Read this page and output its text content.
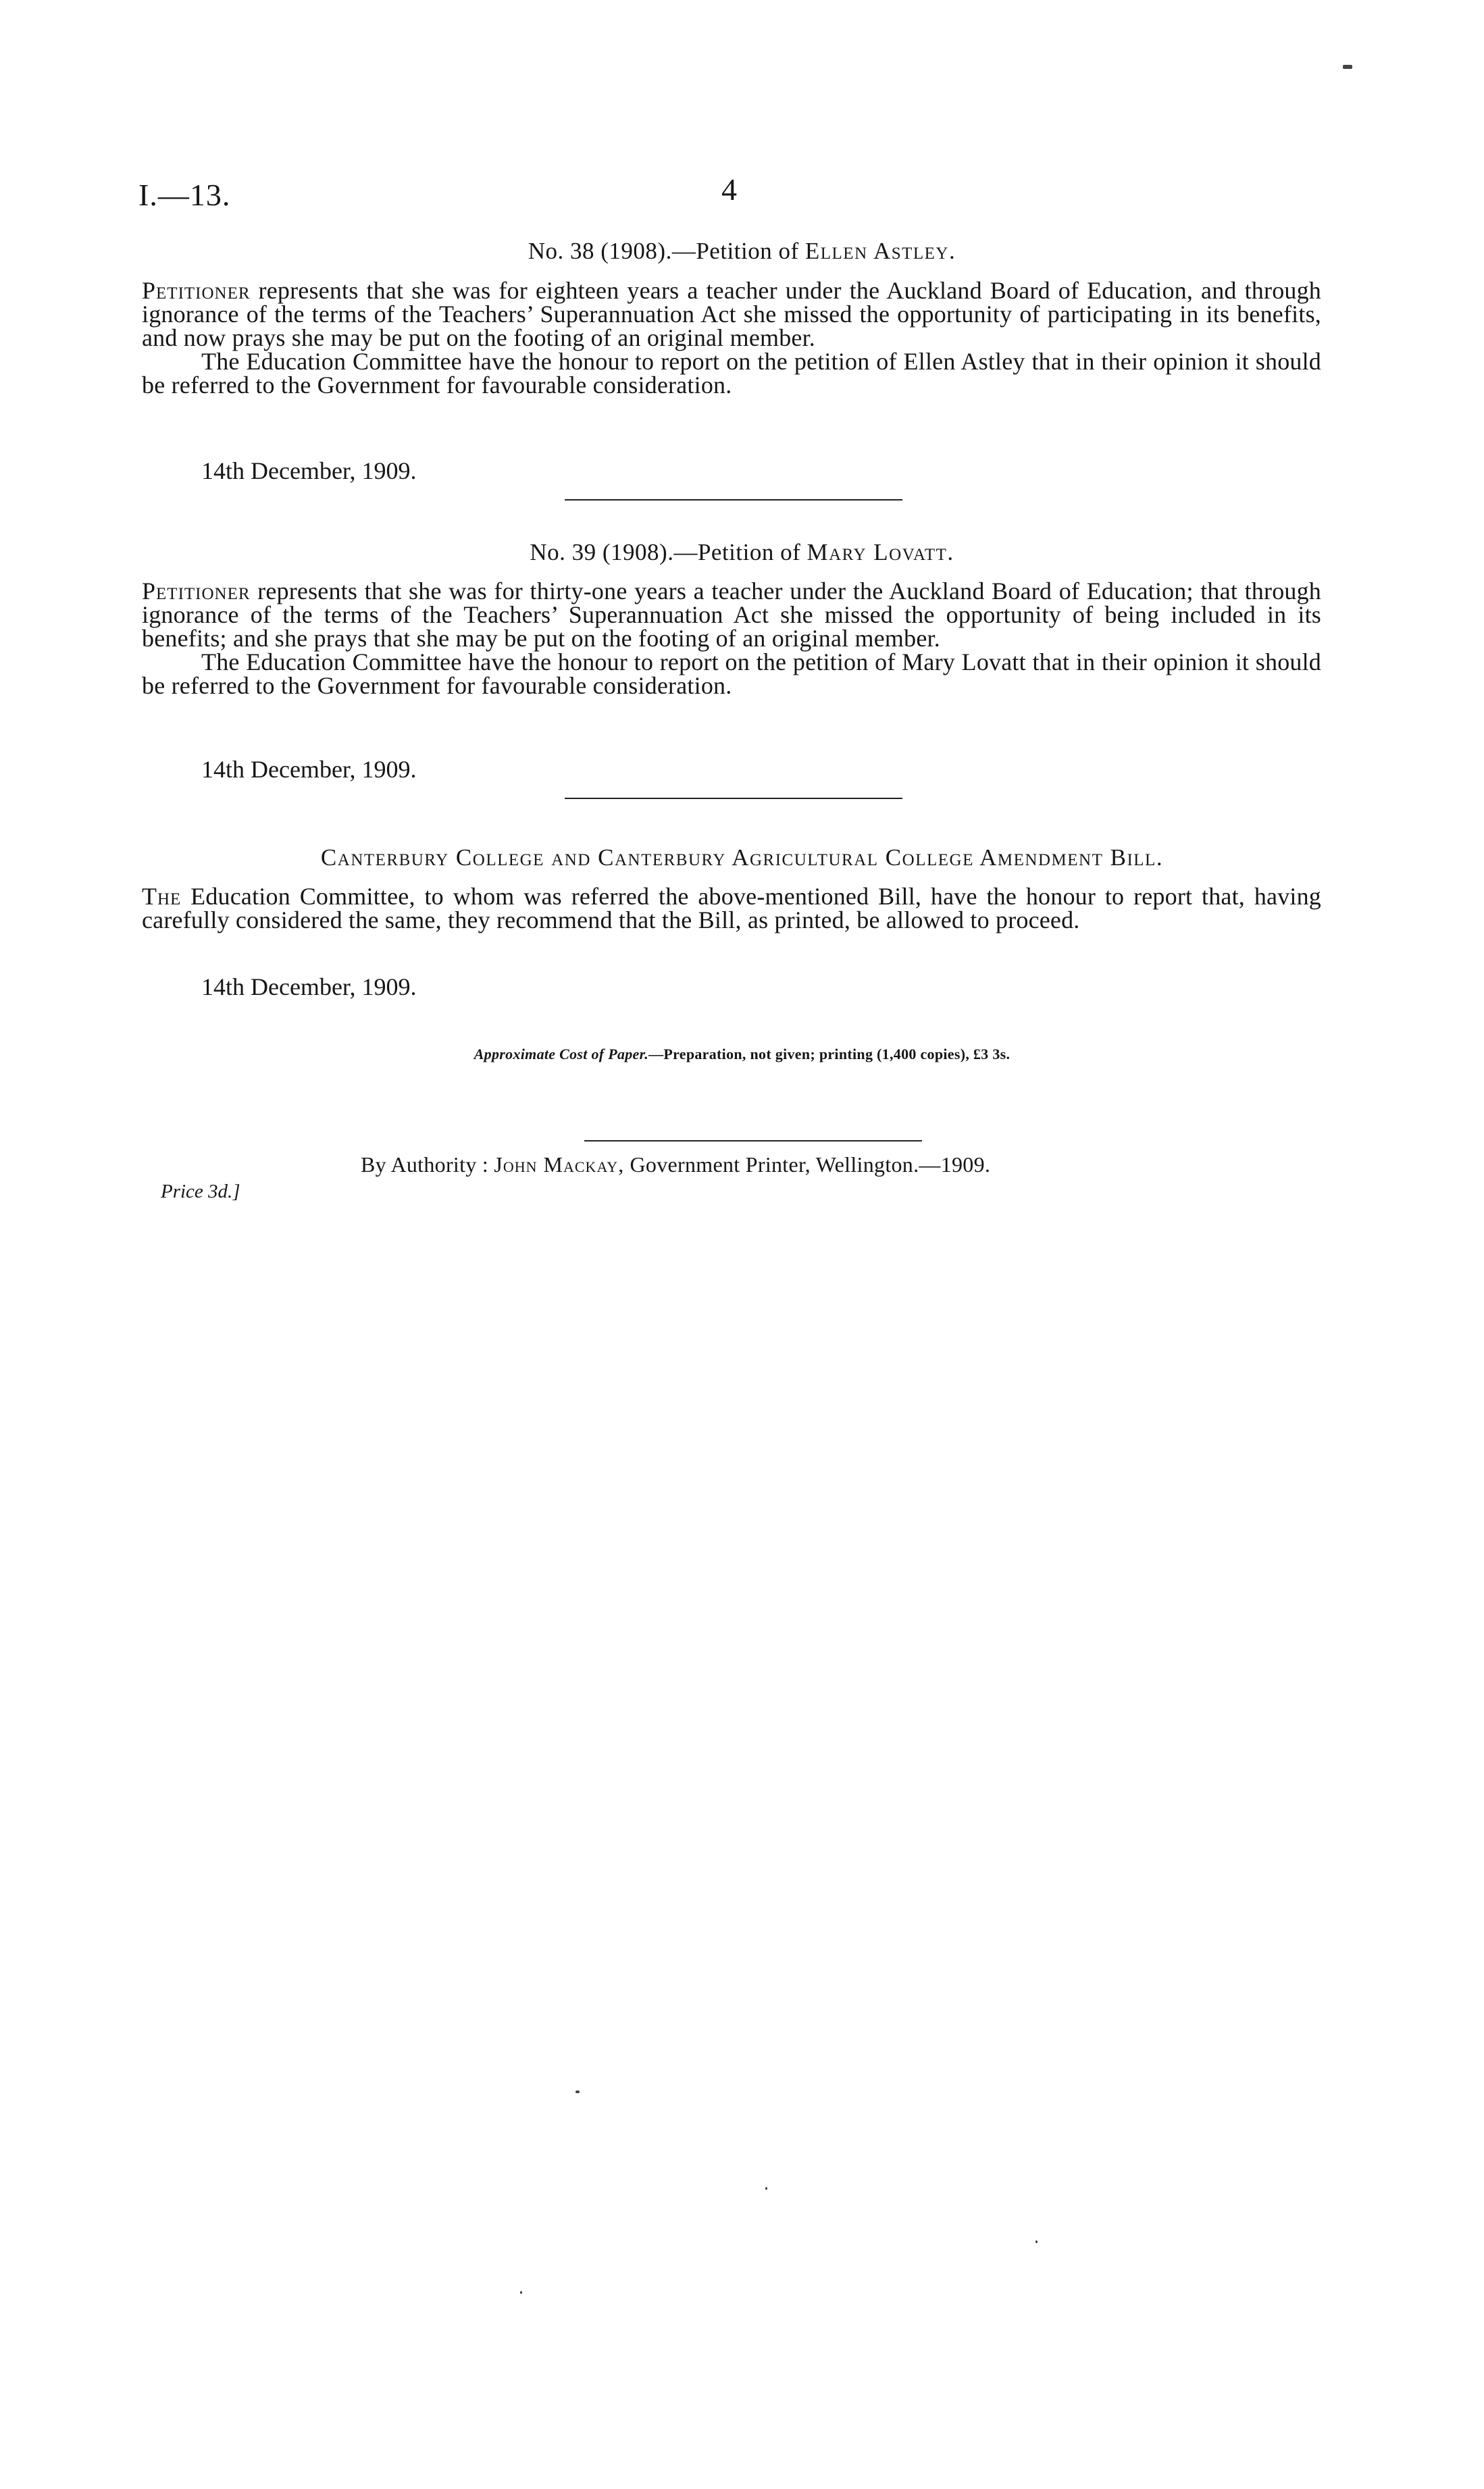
I.—13.	4
No. 38 (1908).—Petition of Ellen Astley.

Petitioner represents that she was for eighteen years a teacher under the Auckland Board of Education, and through ignorance of the terms of the Teachers’ Superannuation Act she missed the opportunity of participating in its benefits, and now prays she may be put on the footing of an original member.

The Education Committee have the honour to report on the petition of Ellen Astley that in their opinion it should be referred to the Government for favourable consideration.

14th December, 1909.
No. 39 (1908).—Petition of Mary Lovatt.

Petitioner represents that she was for thirty-one years a teacher under the Auckland Board of Education; that through ignorance of the terms of the Teachers’ Superannuation Act she missed the opportunity of being included in its benefits; and she prays that she may be put on the footing of an original member.

The Education Committee have the honour to report on the petition of Mary Lovatt that in their opinion it should be referred to the Government for favourable consideration.

14th December, 1909.
Canterbury College and Canterbury Agricultural College Amendment Bill.

The Education Committee, to whom was referred the above-mentioned Bill, have the honour to report that, having carefully considered the same, they recommend that the Bill, as printed, be allowed to proceed.

14th December, 1909.
Approximate Cost of Paper.—Preparation, not given; printing (1,400 copies), £3 3s.
By Authority : John Mackay, Government Printer, Wellington.—1909.
Price 3d.]
